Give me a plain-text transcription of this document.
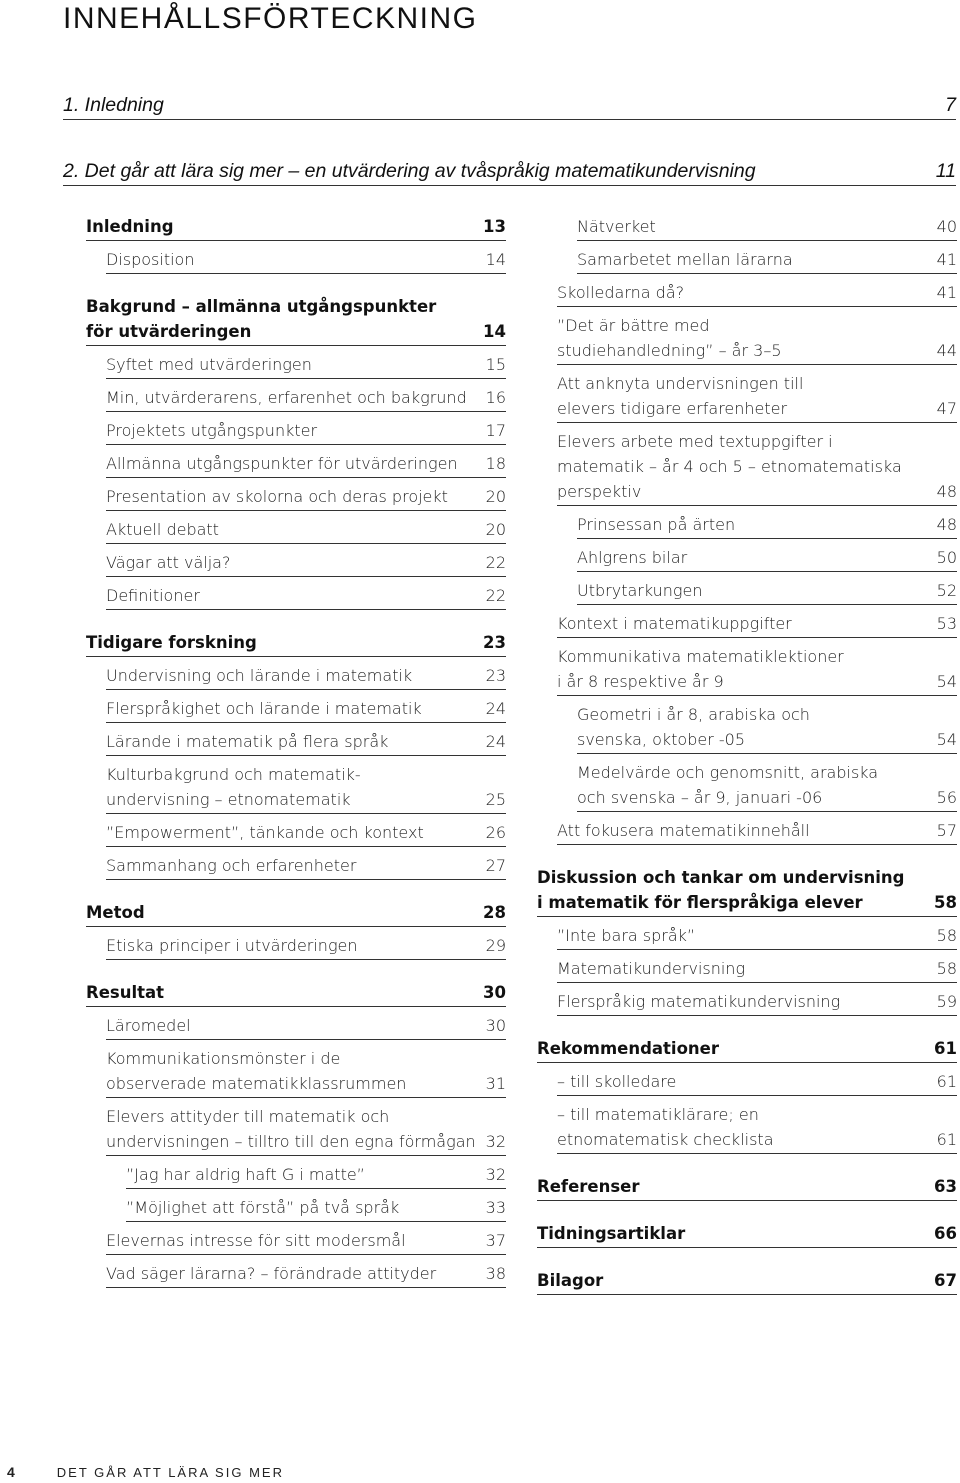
INNEHÅLLSFÖRTECKNING
1. Inledning	7
2. Det går att lära sig mer – en utvärdering av tvåspråkig matematikundervisning	11
Inledning	13
Disposition	14
Bakgrund – allmänna utgångspunkter
för utvärderingen	14
Syftet med utvärderingen	15
Min, utvärderarens, erfarenhet och bakgrund	16
Projektets utgångspunkter	17
Allmänna utgångspunkter för utvärderingen	18
Presentation av skolorna och deras projekt	20
Aktuell debatt	20
Vägar att välja?	22
Definitioner	22
Tidigare forskning	23
Undervisning och lärande i matematik	23
Flerspråkighet och lärande i matematik	24
Lärande i matematik på flera språk	24
Kulturbakgrund och matematik-
undervisning – etnomatematik	25
”Empowerment”, tänkande och kontext	26
Sammanhang och erfarenheter	27
Metod	28
Etiska principer i utvärderingen	29
Resultat	30
Läromedel	30
Kommunikationsmönster i de
observerade matematikklassrummen	31
Elevers attityder till matematik och
undervisningen – tilltro till den egna förmågan 32
”Jag har aldrig haft G i matte”	32
”Möjlighet att förstå” på två språk	33
Elevernas intresse för sitt modersmål	37
Vad säger lärarna? – förändrade attityder	38
Nätverket	40
Samarbetet mellan lärarna	41
Skolledarna då?	41
”Det är bättre med
studiehandledning” – år 3–5	44
Att anknyta undervisningen till
elevers tidigare erfarenheter	47
Elevers arbete med textuppgifter i
matematik – år 4 och 5 – etnomatematiska
perspektiv	48
Prinsessan på ärten	48
Ahlgrens bilar	50
Utbrytarkungen	52
Kontext i matematikuppgifter	53
Kommunikativa matematiklektioner
i år 8 respektive år 9	54
Geometri i år 8, arabiska och
svenska, oktober -05	54
Medelvärde och genomsnitt, arabiska
och svenska – år 9, januari -06	56
Att fokusera matematikinnehåll	57
Diskussion och tankar om undervisning
i matematik för flerspråkiga elever	58
”Inte bara språk”	58
Matematikundervisning	58
Flerspråkig matematikundervisning	59
Rekommendationer	61
– till skolledare	61
– till matematiklärare; en
etnomatematisk checklista	61
Referenser	63
Tidningsartiklar	66
Bilagor	67
4	DET GÅR ATT LÄRA SIG MER
